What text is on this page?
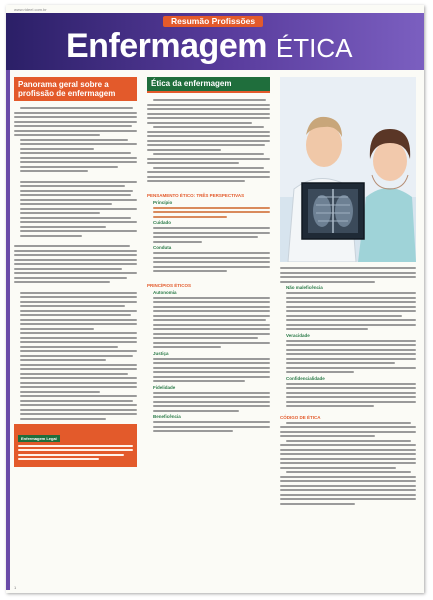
www.rideel.com.br
Resumão Profissões
Enfermagem ÉTICA
Panorama geral sobre a profissão de enfermagem
Enfermagem Legal
Ética da enfermagem
PENSAMENTO ÉTICO: TRÊS PERSPECTIVAS
Princípio
Cuidado
Conduta
PRINCÍPIOS ÉTICOS
Autonomia
Justiça
Fidelidade
Beneficência
Não maleficência
Veracidade
Confidencialidade
CÓDIGO DE ÉTICA
1
